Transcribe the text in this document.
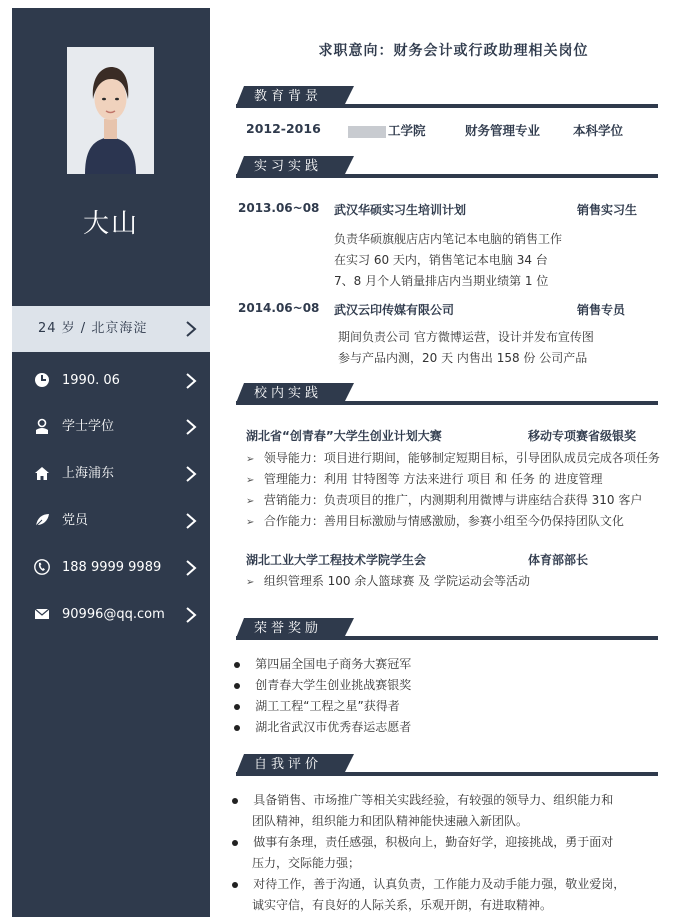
大山
24 岁 / 北京海淀
1990. 06
学士学位
上海浦东
党员
188 9999 9989
90996@qq.com
求职意向：财务会计或行政助理相关岗位
教育背景
2012-2016	工学院	财务管理专业	本科学位
实习实践
2013.06~08 武汉华硕实习生培训计划	销售实习生
负责华硕旗舰店店内笔记本电脑的销售工作
在实习 60 天内，销售笔记本电脑 34 台
7、8 月个人销量排店内当期业绩第 1 位
2014.06~08 武汉云印传媒有限公司	销售专员
期间负责公司 官方微博运营，设计并发布宣传图
参与产品内测，20 天 内售出 158 份 公司产品
校内实践
湖北省“创青春”大学生创业计划大赛	移动专项赛省级银奖
➢ 领导能力：项目进行期间，能够制定短期目标，引导团队成员完成各项任务
➢ 管理能力：利用 甘特图等 方法来进行 项目 和 任务 的 进度管理
➢ 营销能力：负责项目的推广，内测期利用微博与讲座结合获得 310 客户
➢ 合作能力：善用目标激励与情感激励，参赛小组至今仍保持团队文化
湖北工业大学工程技术学院学生会	体育部部长
➢ 组织管理系 100 余人篮球赛 及 学院运动会等活动
荣誉奖励
第四届全国电子商务大赛冠军
创青春大学生创业挑战赛银奖
湖工工程“工程之星”获得者
湖北省武汉市优秀春运志愿者
自我评价
具备销售、市场推广等相关实践经验，有较强的领导力、组织能力和
团队精神，组织能力和团队精神能快速融入新团队。
做事有条理，责任感强，积极向上，勤奋好学，迎接挑战，勇于面对
压力，交际能力强；
对待工作，善于沟通，认真负责，工作能力及动手能力强，敬业爱岗，
诚实守信，有良好的人际关系，乐观开朗，有进取精神。
